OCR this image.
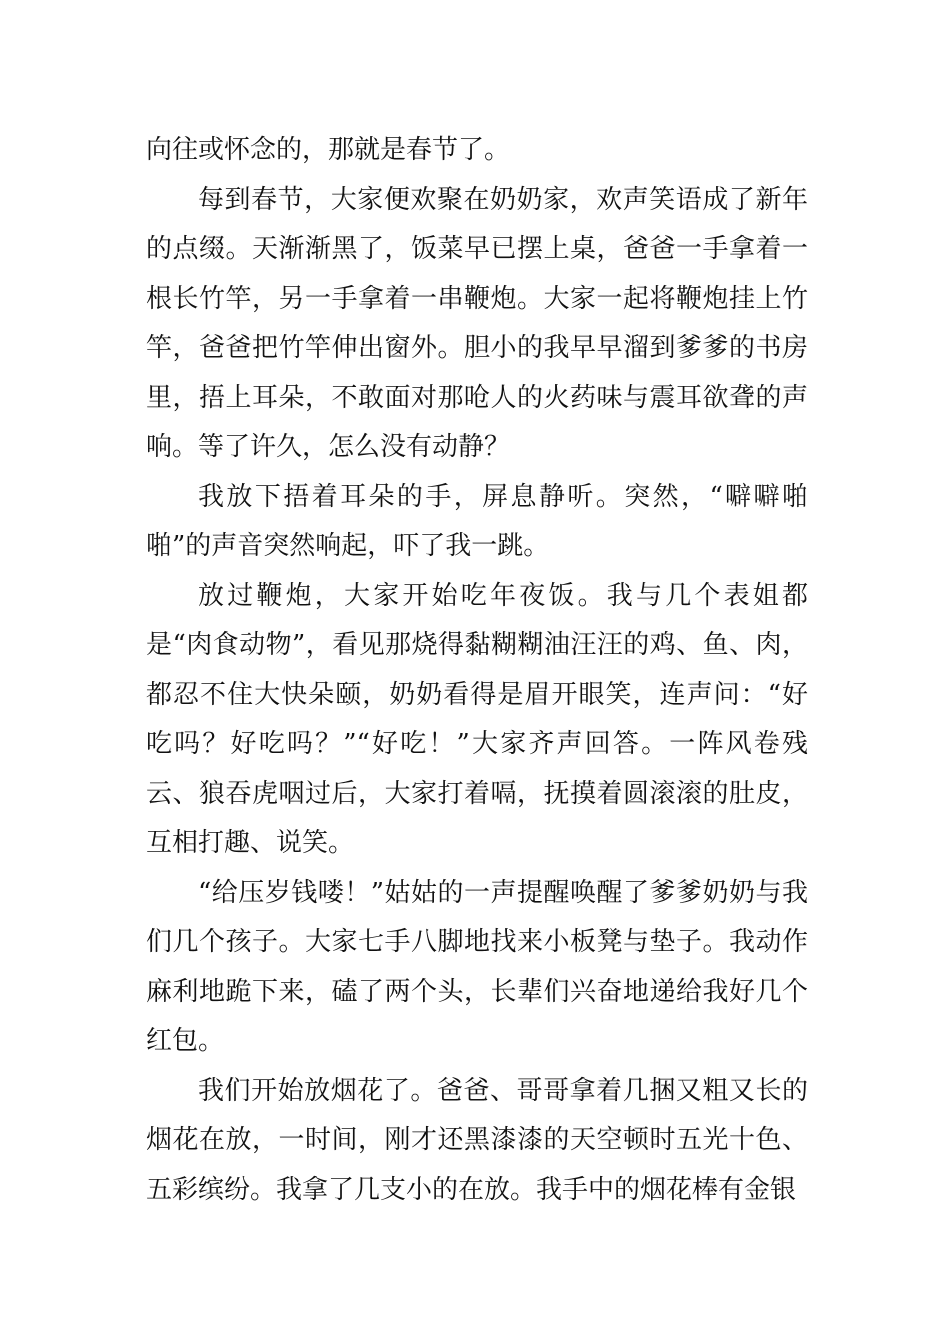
向往或怀念的，那就是春节了。

每到春节，大家便欢聚在奶奶家，欢声笑语成了新年的点缀。天渐渐黑了，饭菜早已摆上桌，爸爸一手拿着一根长竹竿，另一手拿着一串鞭炮。大家一起将鞭炮挂上竹竿，爸爸把竹竿伸出窗外。胆小的我早早溜到爹爹的书房里，捂上耳朵，不敢面对那呛人的火药味与震耳欲聋的声响。等了许久，怎么没有动静？

我放下捂着耳朵的手，屏息静听。突然，“噼噼啪啪”的声音突然响起，吓了我一跳。

放过鞭炮，大家开始吃年夜饭。我与几个表姐都是“肉食动物”，看见那烧得黏糊糊油汪汪的鸡、鱼、肉，都忍不住大快朵颐，奶奶看得是眉开眼笑，连声问：“好吃吗？好吃吗？”“好吃！”大家齐声回答。一阵风卷残云、狼吞虎咽过后，大家打着嗝，抚摸着圆滚滚的肚皮，互相打趣、说笑。

“给压岁钱喽！”姑姑的一声提醒唤醒了爹爹奶奶与我们几个孩子。大家七手八脚地找来小板凳与垫子。我动作麻利地跪下来，磕了两个头，长辈们兴奋地递给我好几个红包。

我们开始放烟花了。爸爸、哥哥拿着几捆又粗又长的烟花在放，一时间，刚才还黑漆漆的天空顿时五光十色、五彩缤纷。我拿了几支小的在放。我手中的烟花棒有金银
